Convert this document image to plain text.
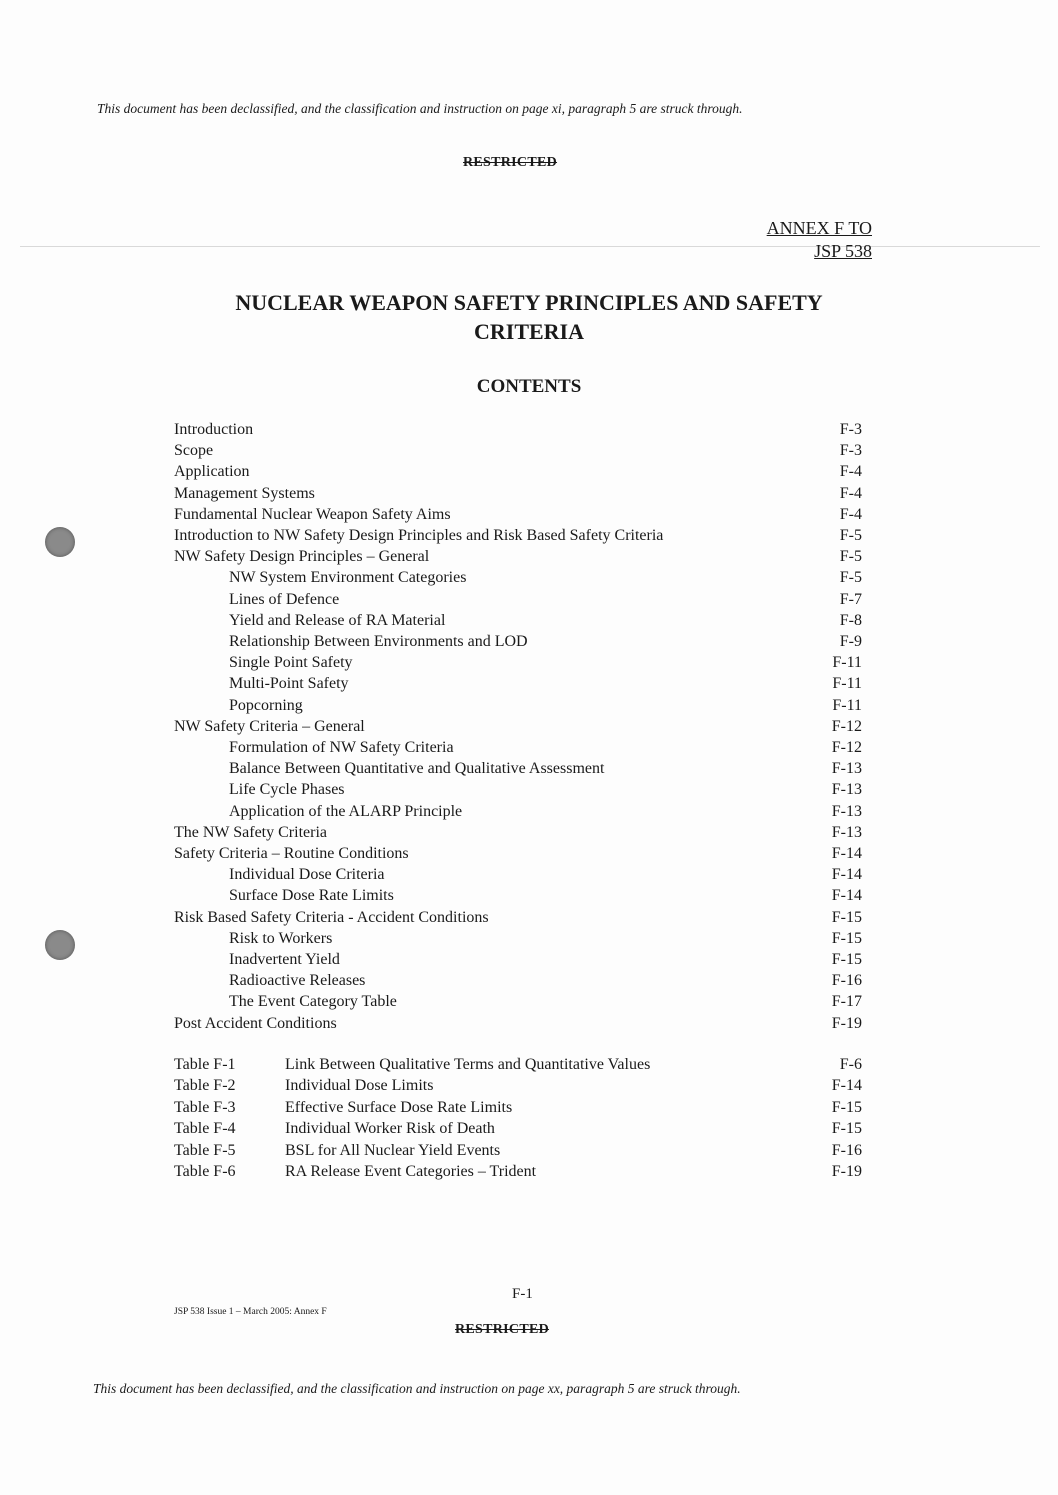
This document has been declassified, and the classification and instruction on page xi, paragraph 5 are struck through.
RESTRICTED
ANNEX F TO
JSP 538
NUCLEAR WEAPON SAFETY PRINCIPLES AND SAFETY
CRITERIA
CONTENTS
Introduction	F-3
Scope	F-3
Application	F-4
Management Systems	F-4
Fundamental Nuclear Weapon Safety Aims	F-4
Introduction to NW Safety Design Principles and Risk Based Safety Criteria	F-5
NW Safety Design Principles – General	F-5
NW System Environment Categories	F-5
Lines of Defence	F-7
Yield and Release of RA Material	F-8
Relationship Between Environments and LOD	F-9
Single Point Safety	F-11
Multi-Point Safety	F-11
Popcorning	F-11
NW Safety Criteria – General	F-12
Formulation of NW Safety Criteria	F-12
Balance Between Quantitative and Qualitative Assessment	F-13
Life Cycle Phases	F-13
Application of the ALARP Principle	F-13
The NW Safety Criteria	F-13
Safety Criteria – Routine Conditions	F-14
Individual Dose Criteria	F-14
Surface Dose Rate Limits	F-14
Risk Based Safety Criteria - Accident Conditions	F-15
Risk to Workers	F-15
Inadvertent Yield	F-15
Radioactive Releases	F-16
The Event Category Table	F-17
Post Accident Conditions	F-19
Table F-1	Link Between Qualitative Terms and Quantitative Values	F-6
Table F-2	Individual Dose Limits	F-14
Table F-3	Effective Surface Dose Rate Limits	F-15
Table F-4	Individual Worker Risk of Death	F-15
Table F-5	BSL for All Nuclear Yield Events	F-16
Table F-6	RA Release Event Categories – Trident	F-19
F-1
JSP 538 Issue 1 – March 2005: Annex F
RESTRICTED
This document has been declassified, and the classification and instruction on page xx, paragraph 5 are struck through.
